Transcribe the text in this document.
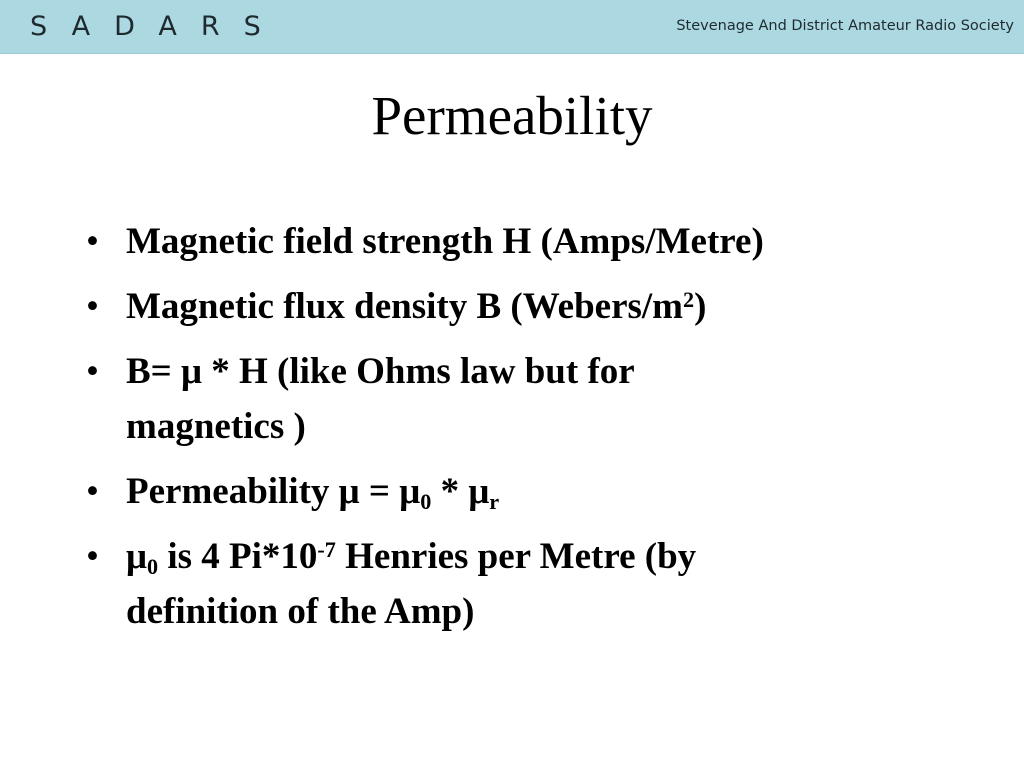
SADARS	Stevenage And District Amateur Radio Society
Permeability
• Magnetic field strength H (Amps/Metre)
• Magnetic flux density B $(Webers/m^2)$
• B= μ * H (like Ohms law but for magnetics )
• Permeability $\mu = \mu_0 * \mu_r$
• $\mu_0$ is 4 $Pi*10^{-7}$ Henries per Metre (by definition of the Amp)
